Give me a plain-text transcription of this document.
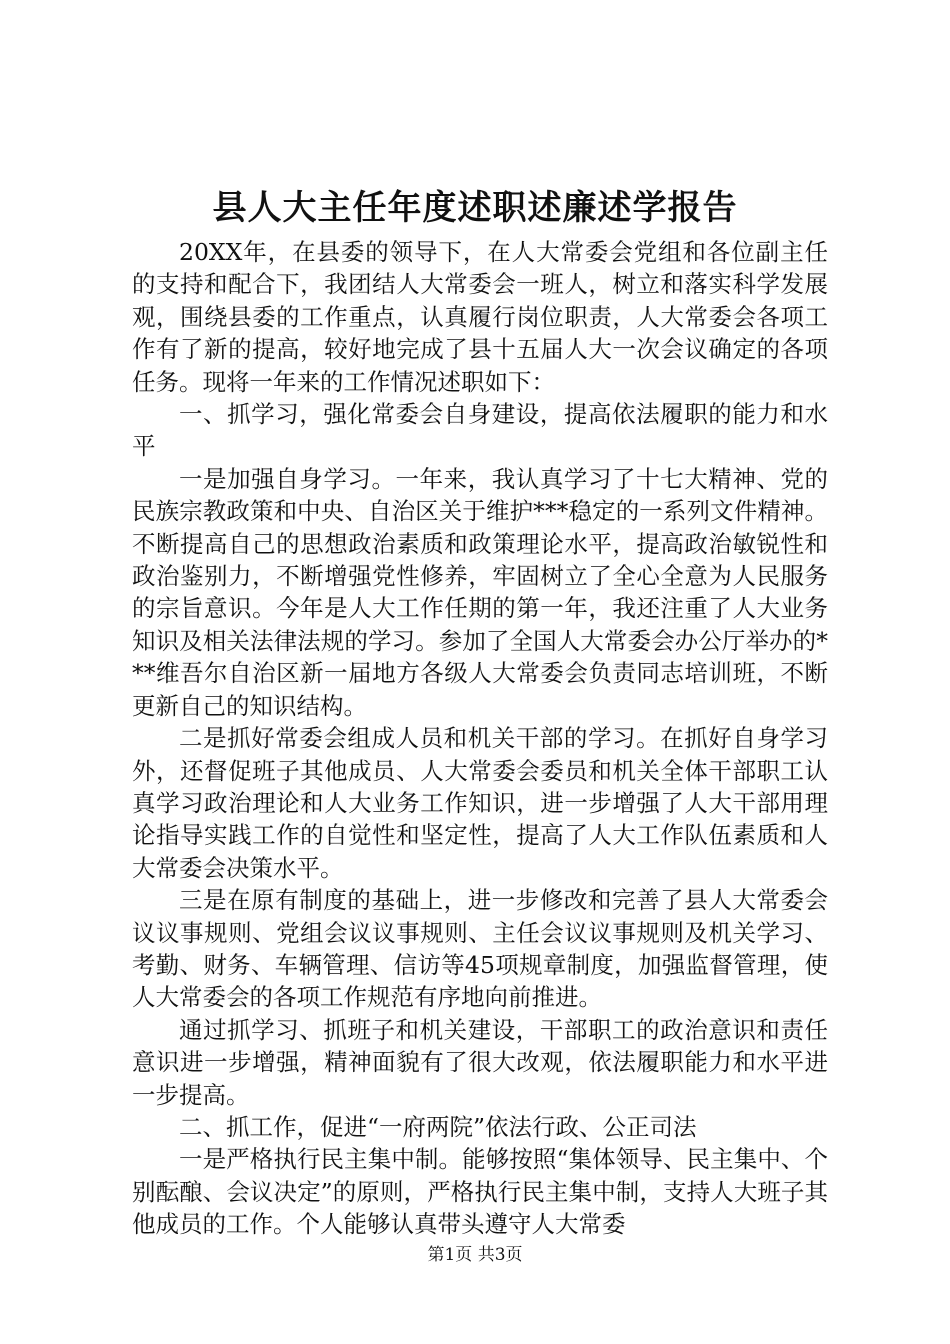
县人大主任年度述职述廉述学报告

20XX年，在县委的领导下，在人大常委会党组和各位副主任的支持和配合下，我团结人大常委会一班人，树立和落实科学发展观，围绕县委的工作重点，认真履行岗位职责，人大常委会各项工作有了新的提高，较好地完成了县十五届人大一次会议确定的各项任务。现将一年来的工作情况述职如下：

一、抓学习，强化常委会自身建设，提高依法履职的能力和水平

一是加强自身学习。一年来，我认真学习了十七大精神、党的民族宗教政策和中央、自治区关于维护***稳定的一系列文件精神。不断提高自己的思想政治素质和政策理论水平，提高政治敏锐性和政治鉴别力，不断增强党性修养，牢固树立了全心全意为人民服务的宗旨意识。今年是人大工作任期的第一年，我还注重了人大业务知识及相关法律法规的学习。参加了全国人大常委会办公厅举办的***维吾尔自治区新一届地方各级人大常委会负责同志培训班，不断更新自己的知识结构。

二是抓好常委会组成人员和机关干部的学习。在抓好自身学习外，还督促班子其他成员、人大常委会委员和机关全体干部职工认真学习政治理论和人大业务工作知识，进一步增强了人大干部用理论指导实践工作的自觉性和坚定性，提高了人大工作队伍素质和人大常委会决策水平。

三是在原有制度的基础上，进一步修改和完善了县人大常委会议议事规则、党组会议议事规则、主任会议议事规则及机关学习、考勤、财务、车辆管理、信访等45项规章制度，加强监督管理，使人大常委会的各项工作规范有序地向前推进。

通过抓学习、抓班子和机关建设，干部职工的政治意识和责任意识进一步增强，精神面貌有了很大改观，依法履职能力和水平进一步提高。

二、抓工作，促进“一府两院”依法行政、公正司法

一是严格执行民主集中制。能够按照“集体领导、民主集中、个别酝酿、会议决定”的原则，严格执行民主集中制，支持人大班子其他成员的工作。个人能够认真带头遵守人大常委

第1页 共3页
